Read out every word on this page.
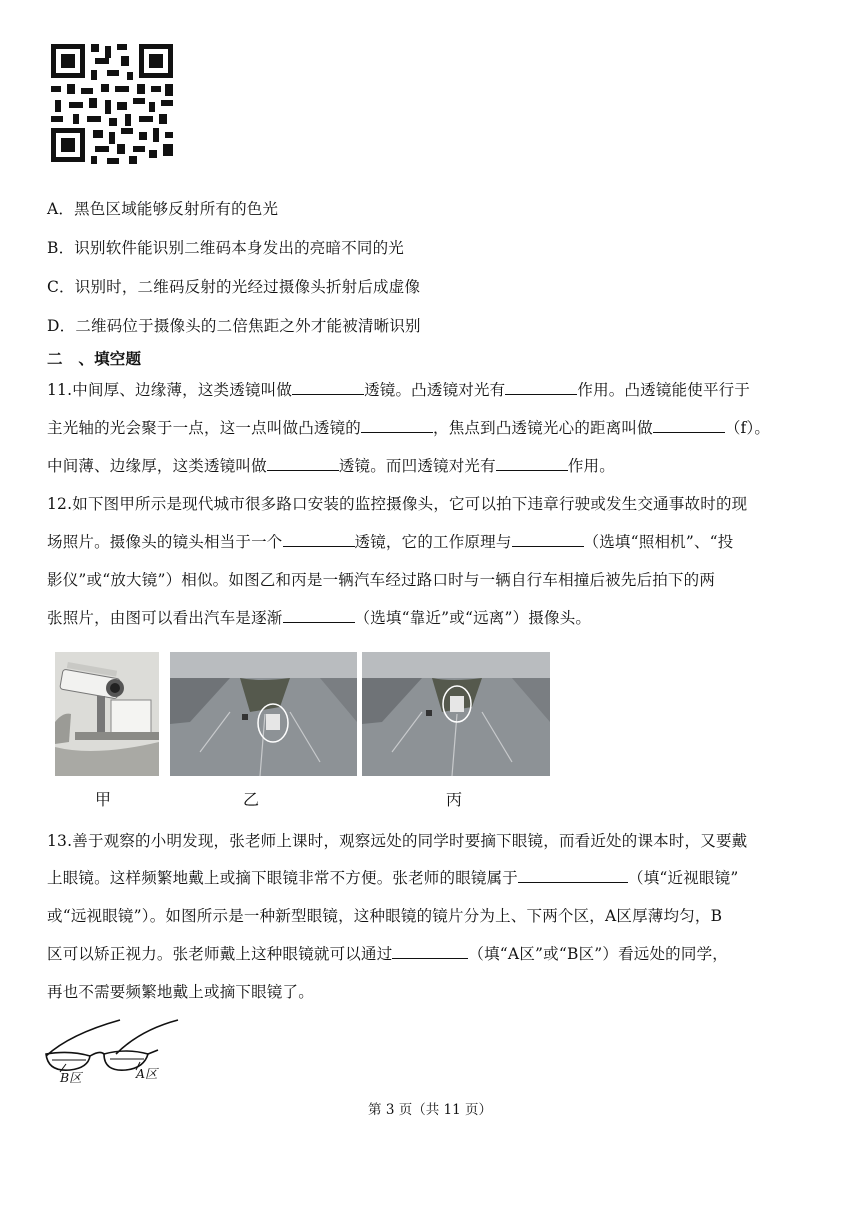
A．黑色区域能够反射所有的色光
B．识别软件能识别二维码本身发出的亮暗不同的光
C．识别时，二维码反射的光经过摄像头折射后成虚像
D．二维码位于摄像头的二倍焦距之外才能被清晰识别
二　、填空题
11.中间厚、边缘薄，这类透镜叫做	透镜。凸透镜对光有	作用。凸透镜能使平行于
主光轴的光会聚于一点，这一点叫做凸透镜的	，焦点到凸透镜光心的距离叫做	（f）。
中间薄、边缘厚，这类透镜叫做	透镜。而凹透镜对光有	作用。
12.如下图甲所示是现代城市很多路口安装的监控摄像头，它可以拍下违章行驶或发生交通事故时的现
场照片。摄像头的镜头相当于一个	透镜，它的工作原理与	（选填“照相机”、“投
影仪”或“放大镜”）相似。如图乙和丙是一辆汽车经过路口时与一辆自行车相撞后被先后拍下的两
张照片，由图可以看出汽车是逐渐	（选填“靠近”或“远离”）摄像头。
甲	乙	丙
13.善于观察的小明发现，张老师上课时，观察远处的同学时要摘下眼镜，而看近处的课本时，又要戴
上眼镜。这样频繁地戴上或摘下眼镜非常不方便。张老师的眼镜属于	（填“近视眼镜”
或“远视眼镜”）。如图所示是一种新型眼镜，这种眼镜的镜片分为上、下两个区，A区厚薄均匀，B
区可以矫正视力。张老师戴上这种眼镜就可以通过	（填“A区”或“B区”）看远处的同学，
再也不需要频繁地戴上或摘下眼镜了。
B区	A区
第 3 页（共 11 页）
